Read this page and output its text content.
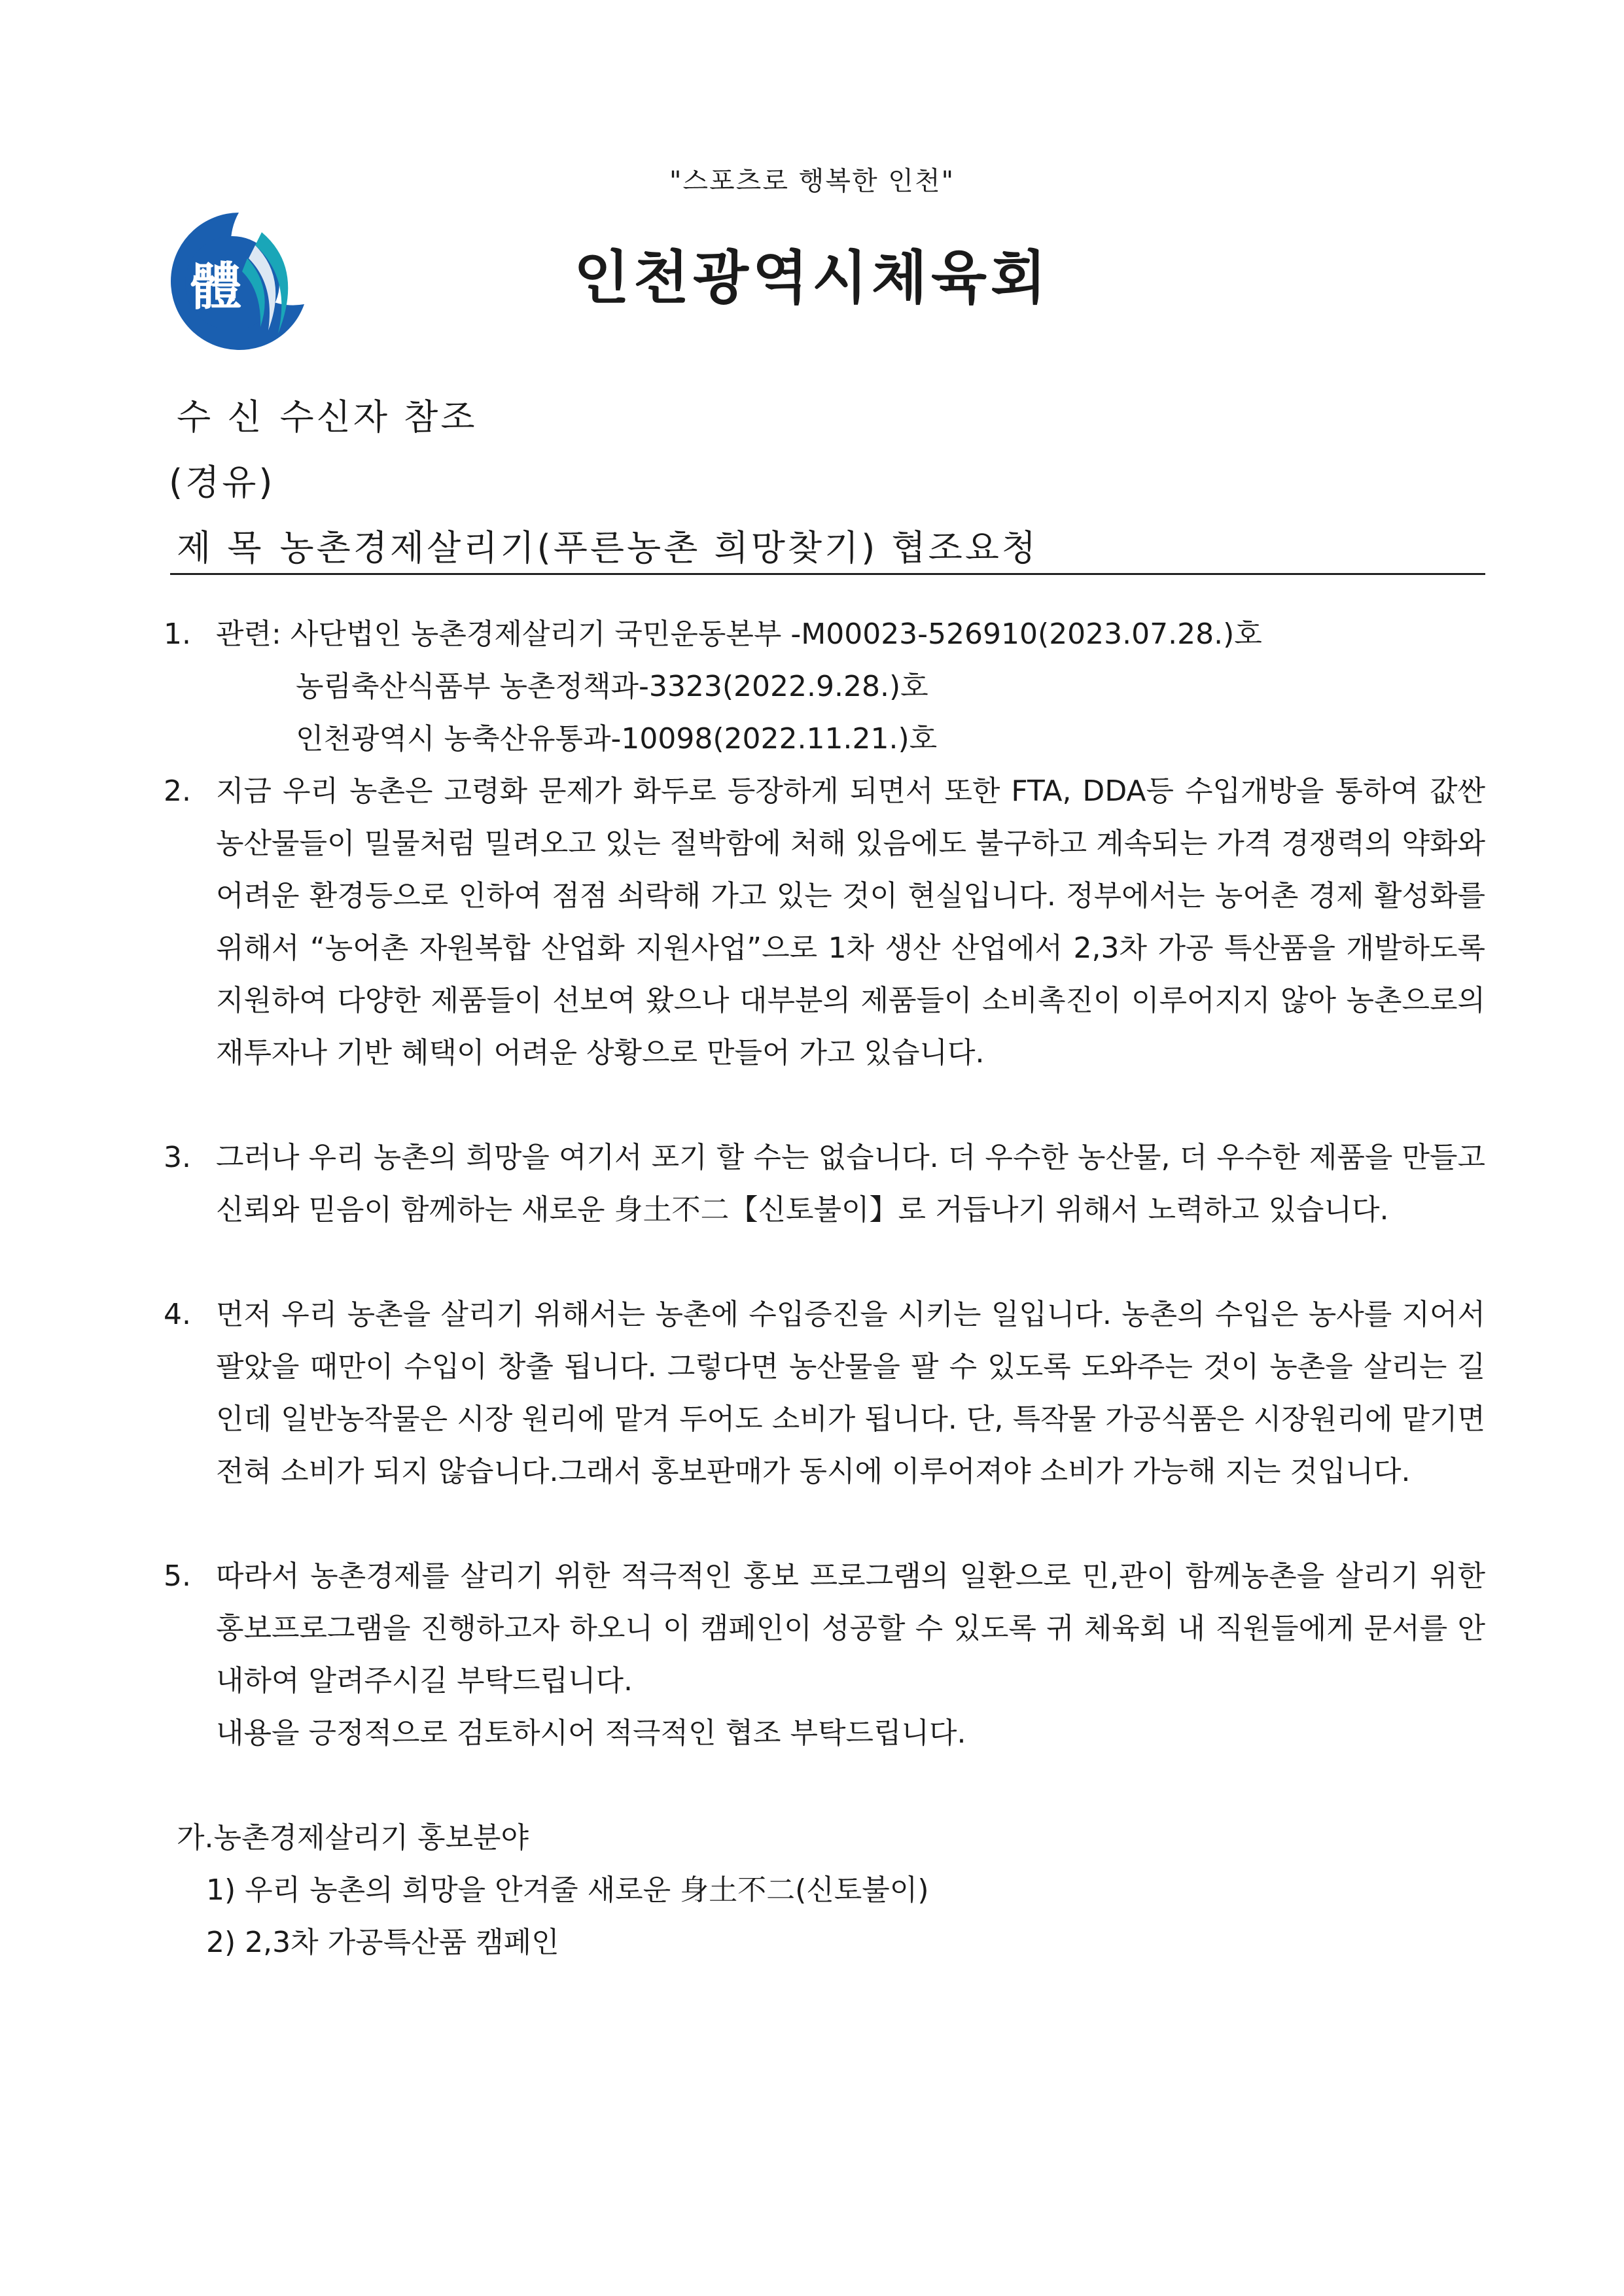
"스포츠로 행복한 인천"
體	인천광역시체육회
수 신 수신자 참조
(경유)
제 목 농촌경제살리기(푸른농촌 희망찾기) 협조요청
1. 관련: 사단법인 농촌경제살리기 국민운동본부 -M00023-526910(2023.07.28.)호
농림축산식품부 농촌정책과-3323(2022.9.28.)호
인천광역시 농축산유통과-10098(2022.11.21.)호
2. 지금 우리 농촌은 고령화 문제가 화두로 등장하게 되면서 또한 FTA, DDA등 수입개방을 통하여 값싼 농산물들이 밀물처럼 밀려오고 있는 절박함에 처해 있음에도 불구하고 계속되는 가격 경쟁력의 약화와 어려운 환경등으로 인하여 점점 쇠락해 가고 있는 것이 현실입니다. 정부에서는 농어촌 경제 활성화를 위해서 “농어촌 자원복합 산업화 지원사업”으로 1차 생산 산업에서 2,3차 가공 특산품을 개발하도록 지원하여 다양한 제품들이 선보여 왔으나 대부분의 제품들이 소비촉진이 이루어지지 않아 농촌으로의 재투자나 기반 혜택이 어려운 상황으로 만들어 가고 있습니다.

3. 그러나 우리 농촌의 희망을 여기서 포기 할 수는 없습니다. 더 우수한 농산물, 더 우수한 제품을 만들고 신뢰와 믿음이 함께하는 새로운 身土不二【신토불이】로 거듭나기 위해서 노력하고 있습니다.

4. 먼저 우리 농촌을 살리기 위해서는 농촌에 수입증진을 시키는 일입니다. 농촌의 수입은 농사를 지어서 팔았을 때만이 수입이 창출 됩니다. 그렇다면 농산물을 팔 수 있도록 도와주는 것이 농촌을 살리는 길인데 일반농작물은 시장 원리에 맡겨 두어도 소비가 됩니다. 단, 특작물 가공식품은 시장원리에 맡기면 전혀 소비가 되지 않습니다.그래서 홍보판매가 동시에 이루어져야 소비가 가능해 지는 것입니다.

5. 따라서 농촌경제를 살리기 위한 적극적인 홍보 프로그램의 일환으로 민,관이 함께농촌을 살리기 위한 홍보프로그램을 진행하고자 하오니 이 캠페인이 성공할 수 있도록 귀 체육회 내 직원들에게 문서를 안내하여 알려주시길 부탁드립니다.

내용을 긍정적으로 검토하시어 적극적인 협조 부탁드립니다.

가.농촌경제살리기 홍보분야
1) 우리 농촌의 희망을 안겨줄 새로운 身土不二(신토불이)
2) 2,3차 가공특산품 캠페인
